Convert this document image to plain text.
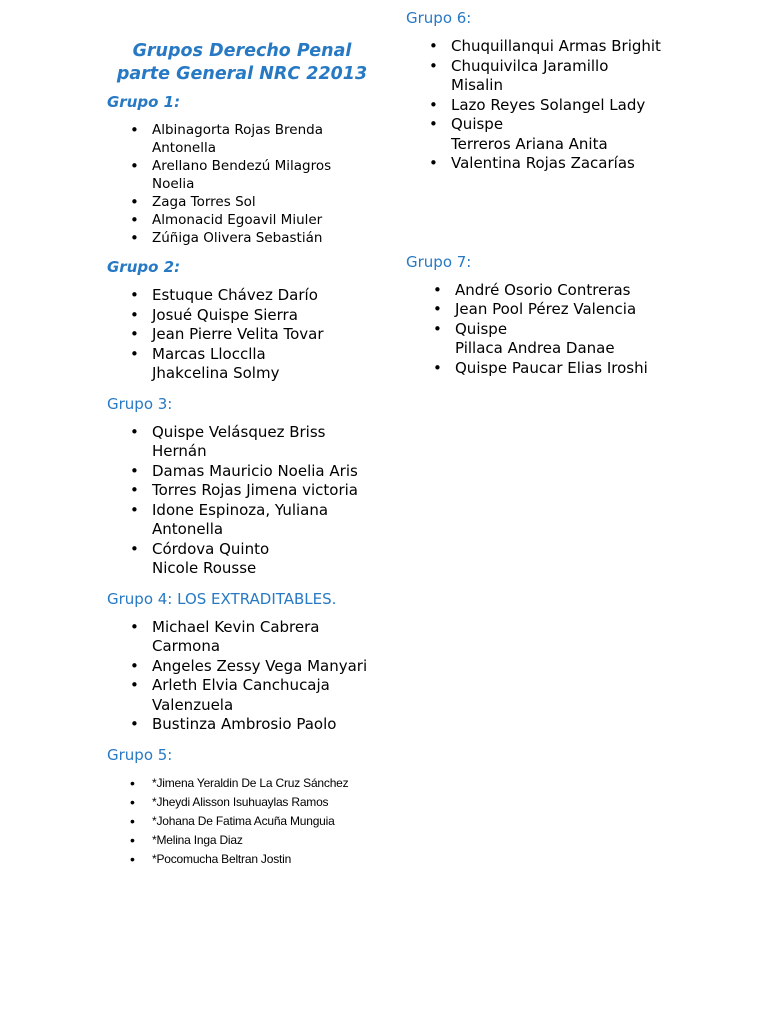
Grupos Derecho Penal
parte General NRC 22013
Grupo 1:
• Albinagorta Rojas Brenda Antonella
• Arellano Bendezú Milagros Noelia
• Zaga Torres Sol
• Almonacid Egoavil Miuler
• Zúñiga Olivera Sebastián
Grupo 2:
• Estuque Chávez Darío
• Josué Quispe Sierra
• Jean Pierre Velita Tovar
• Marcas Llocclla
Jhakcelina Solmy
Grupo 3:
• Quispe Velásquez Briss Hernán
• Damas Mauricio Noelia Aris
• Torres Rojas Jimena victoria
• Idone Espinoza, Yuliana Antonella
• Córdova Quinto
Nicole Rousse
Grupo 4: LOS EXTRADITABLES.
• Michael Kevin Cabrera Carmona
• Angeles Zessy Vega Manyari
• Arleth Elvia Canchucaja Valenzuela
• Bustinza Ambrosio Paolo
Grupo 5:
• *Jimena Yeraldin De La Cruz Sánchez
• *Jheydi Alisson Isuhuaylas Ramos
• *Johana De Fatima Acuña Munguia
• *Melina Inga Diaz
• *Pocomucha Beltran Jostin
Grupo 6:
• Chuquillanqui Armas Brighit
• Chuquivilca Jaramillo Misalin
• Lazo Reyes Solangel Lady
• Quispe
Terreros Ariana Anita
• Valentina Rojas Zacarías
Grupo 7:
• André Osorio Contreras
• Jean Pool Pérez Valencia
• Quispe
Pillaca Andrea Danae
• Quispe Paucar Elias Iroshi
